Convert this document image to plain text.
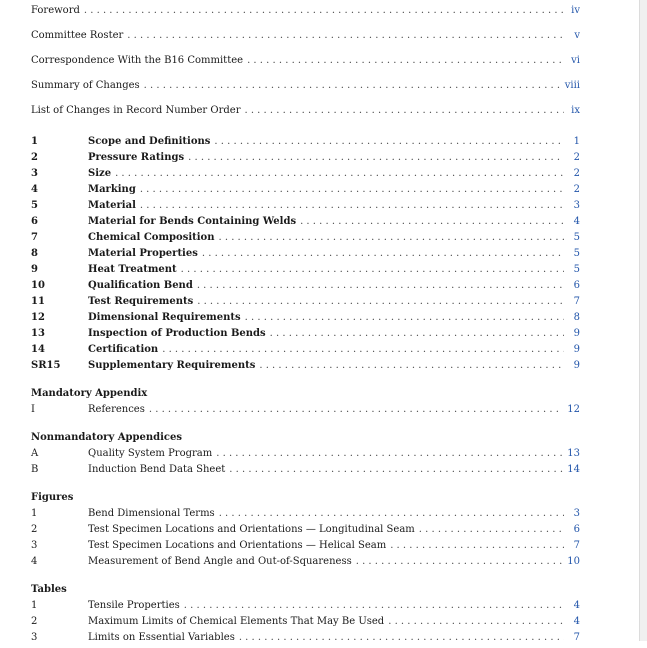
Foreword . . .	iv
Committee Roster . . .	v
Correspondence With the B16 Committee . . .	vi
Summary of Changes . . .	viii
List of Changes in Record Number Order . . .	ix
1	Scope and Definitions . . .	1
2	Pressure Ratings . . .	2
3	Size . . .	2
4	Marking . . .	2
5	Material . . .	3
6	Material for Bends Containing Welds . . .	4
7	Chemical Composition . . .	5
8	Material Properties . . .	5
9	Heat Treatment . . .	5
10	Qualification Bend . . .	6
11	Test Requirements . . .	7
12	Dimensional Requirements . . .	8
13	Inspection of Production Bends . . .	9
14	Certification . . .	9
SR15	Supplementary Requirements . . .	9
Mandatory Appendix
I	References . . .	12
Nonmandatory Appendices
A	Quality System Program . . .	13
B	Induction Bend Data Sheet . . .	14
Figures
1	Bend Dimensional Terms . . .	3
2	Test Specimen Locations and Orientations — Longitudinal Seam . . .	6
3	Test Specimen Locations and Orientations — Helical Seam . . .	7
4	Measurement of Bend Angle and Out-of-Squareness . . .	10
Tables
1	Tensile Properties . . .	4
2	Maximum Limits of Chemical Elements That May Be Used . . .	4
3	Limits on Essential Variables . . .	7
